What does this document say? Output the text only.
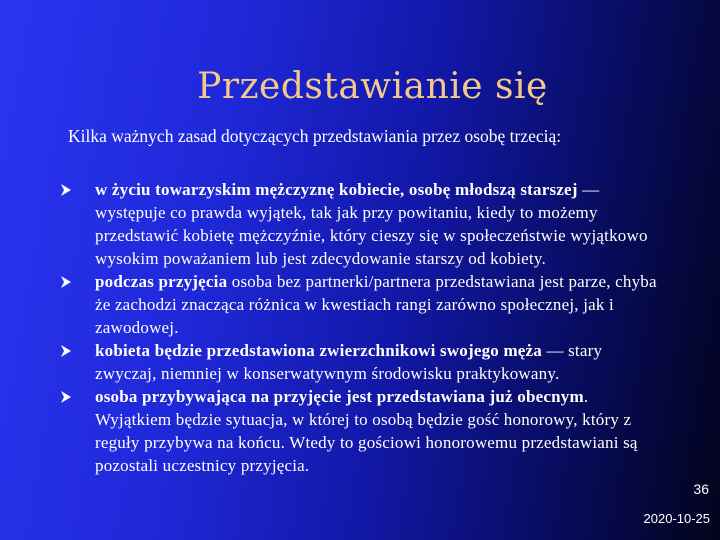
Przedstawianie się
Kilka ważnych zasad dotyczących przedstawiania przez osobę trzecią:
w życiu towarzyskim mężczyznę kobiecie, osobę młodszą starszej — występuje co prawda wyjątek, tak jak przy powitaniu, kiedy to możemy przedstawić kobietę mężczyźnie, który cieszy się w społeczeństwie wyjątkowo wysokim poważaniem lub jest zdecydowanie starszy od kobiety.
podczas przyjęcia osoba bez partnerki/partnera przedstawiana jest parze, chyba że zachodzi znacząca różnica w kwestiach rangi zarówno społecznej, jak i zawodowej.
kobieta będzie przedstawiona zwierzchnikowi swojego męża — stary zwyczaj, niemniej w konserwatywnym środowisku praktykowany.
osoba przybywająca na przyjęcie jest przedstawiana już obecnym. Wyjątkiem będzie sytuacja, w której to osobą będzie gość honorowy, który z reguły przybywa na końcu. Wtedy to gościowi honorowemu przedstawiani są pozostali uczestnicy przyjęcia.
36
2020-10-25
